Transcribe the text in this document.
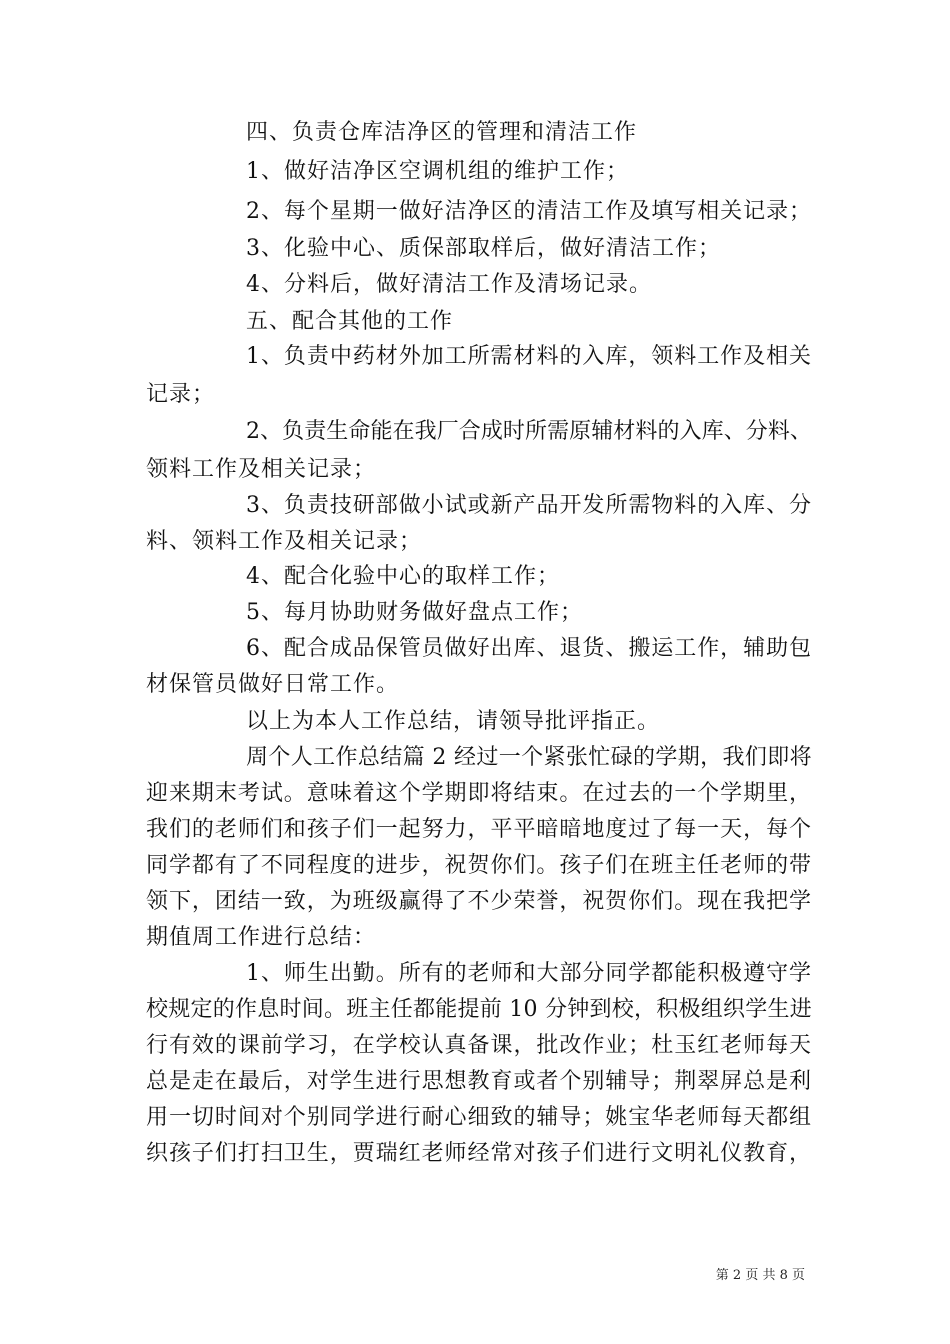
四、负责仓库洁净区的管理和清洁工作
1、做好洁净区空调机组的维护工作；
2、每个星期一做好洁净区的清洁工作及填写相关记录；
3、化验中心、质保部取样后，做好清洁工作；
4、分料后，做好清洁工作及清场记录。
五、配合其他的工作
1、负责中药材外加工所需材料的入库，领料工作及相关
记录；
2、负责生命能在我厂合成时所需原辅材料的入库、分料、
领料工作及相关记录；
3、负责技研部做小试或新产品开发所需物料的入库、分
料、领料工作及相关记录；
4、配合化验中心的取样工作；
5、每月协助财务做好盘点工作；
6、配合成品保管员做好出库、退货、搬运工作，辅助包
材保管员做好日常工作。
以上为本人工作总结，请领导批评指正。
周个人工作总结篇 2 经过一个紧张忙碌的学期，我们即将
迎来期末考试。意味着这个学期即将结束。在过去的一个学期里，
我们的老师们和孩子们一起努力，平平暗暗地度过了每一天，每个
同学都有了不同程度的进步，祝贺你们。孩子们在班主任老师的带
领下，团结一致，为班级赢得了不少荣誉，祝贺你们。现在我把学
期值周工作进行总结：
1、师生出勤。所有的老师和大部分同学都能积极遵守学
校规定的作息时间。班主任都能提前 10 分钟到校，积极组织学生进
行有效的课前学习，在学校认真备课，批改作业；杜玉红老师每天
总是走在最后，对学生进行思想教育或者个别辅导；荆翠屏总是利
用一切时间对个别同学进行耐心细致的辅导；姚宝华老师每天都组
织孩子们打扫卫生，贾瑞红老师经常对孩子们进行文明礼仪教育，
第 2 页 共 8 页
